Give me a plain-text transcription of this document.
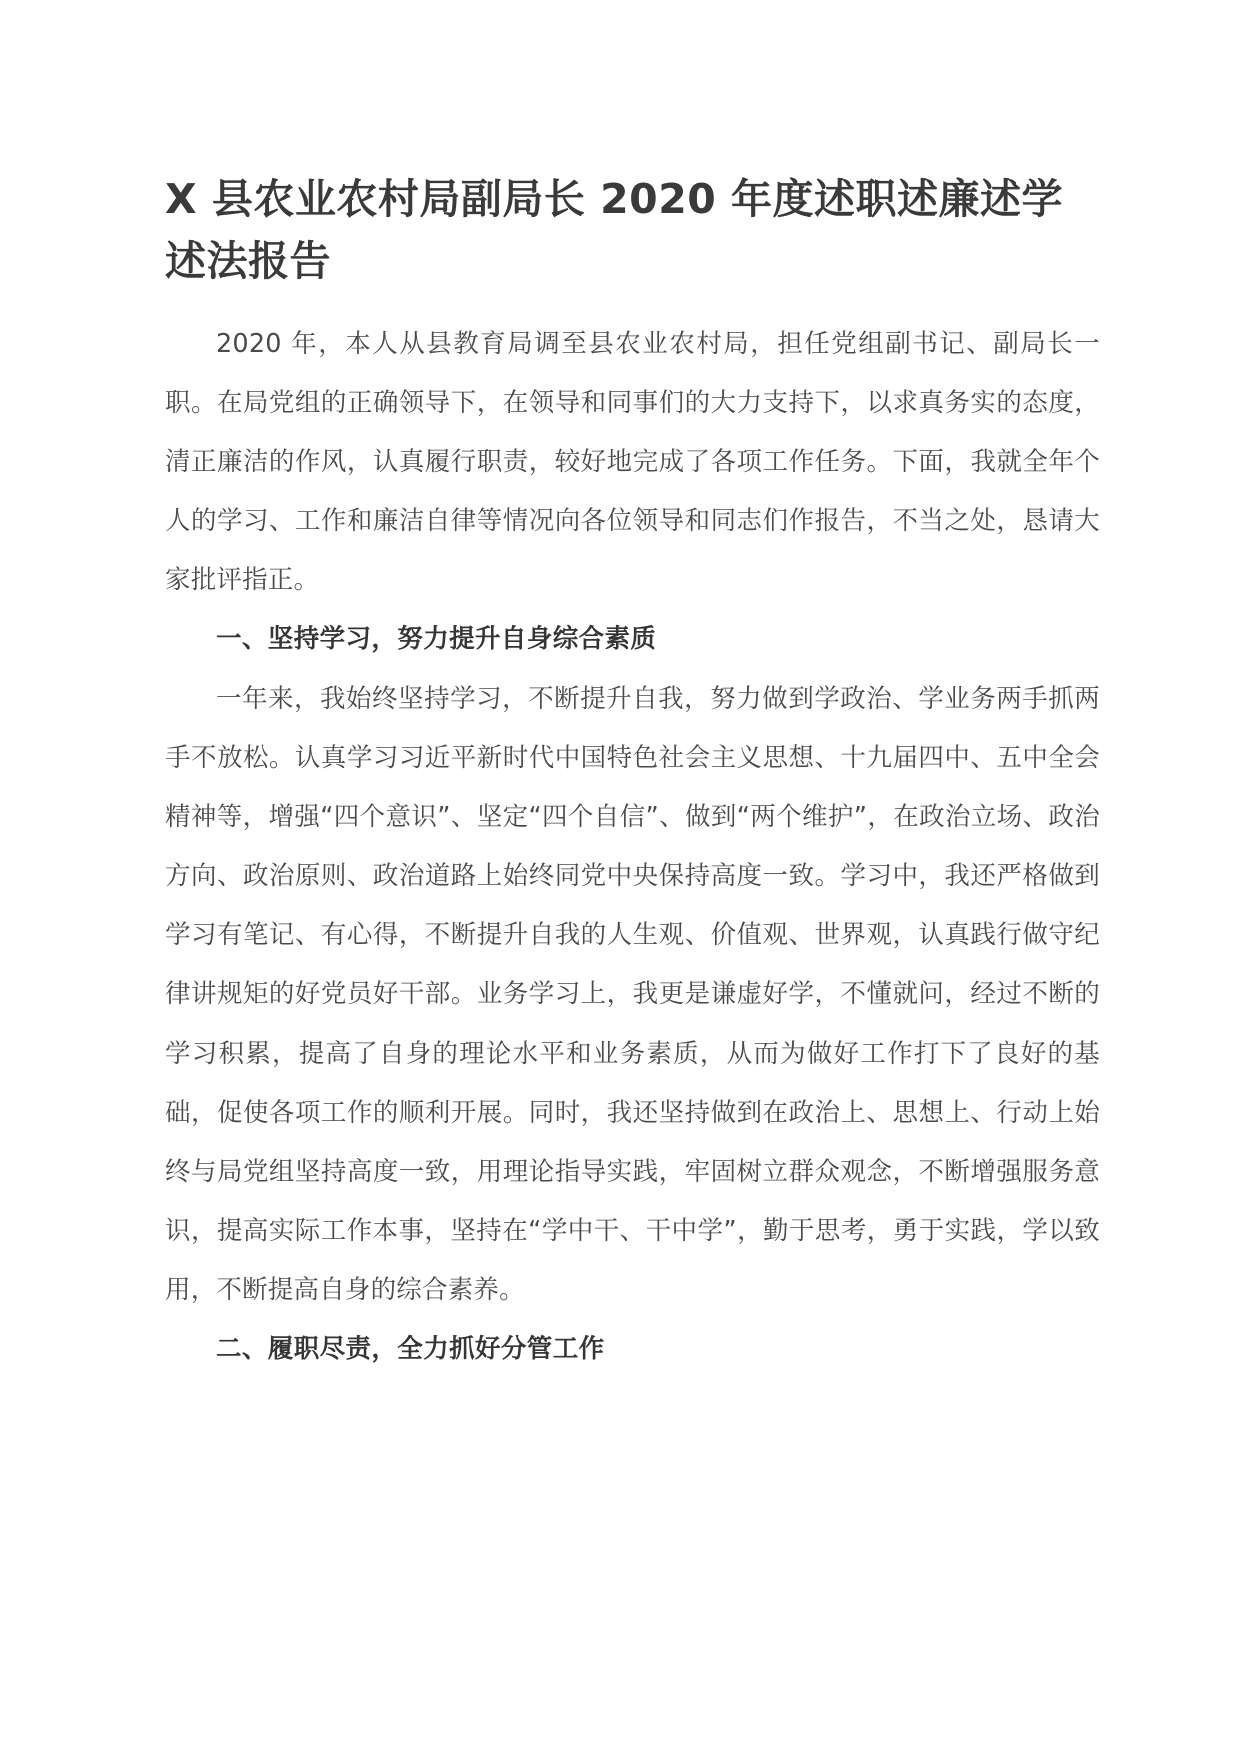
X 县农业农村局副局长 2020 年度述职述廉述学述法报告

2020 年，本人从县教育局调至县农业农村局，担任党组副书记、副局长一职。在局党组的正确领导下，在领导和同事们的大力支持下，以求真务实的态度，清正廉洁的作风，认真履行职责，较好地完成了各项工作任务。下面，我就全年个人的学习、工作和廉洁自律等情况向各位领导和同志们作报告，不当之处，恳请大家批评指正。

一、坚持学习，努力提升自身综合素质

一年来，我始终坚持学习，不断提升自我，努力做到学政治、学业务两手抓两手不放松。认真学习习近平新时代中国特色社会主义思想、十九届四中、五中全会精神等，增强“四个意识”、坚定“四个自信”、做到“两个维护”，在政治立场、政治方向、政治原则、政治道路上始终同党中央保持高度一致。学习中，我还严格做到学习有笔记、有心得，不断提升自我的人生观、价值观、世界观，认真践行做守纪律讲规矩的好党员好干部。业务学习上，我更是谦虚好学，不懂就问，经过不断的学习积累，提高了自身的理论水平和业务素质，从而为做好工作打下了良好的基础，促使各项工作的顺利开展。同时，我还坚持做到在政治上、思想上、行动上始终与局党组坚持高度一致，用理论指导实践，牢固树立群众观念，不断增强服务意识，提高实际工作本事，坚持在“学中干、干中学”，勤于思考，勇于实践，学以致用，不断提高自身的综合素养。

二、履职尽责，全力抓好分管工作
